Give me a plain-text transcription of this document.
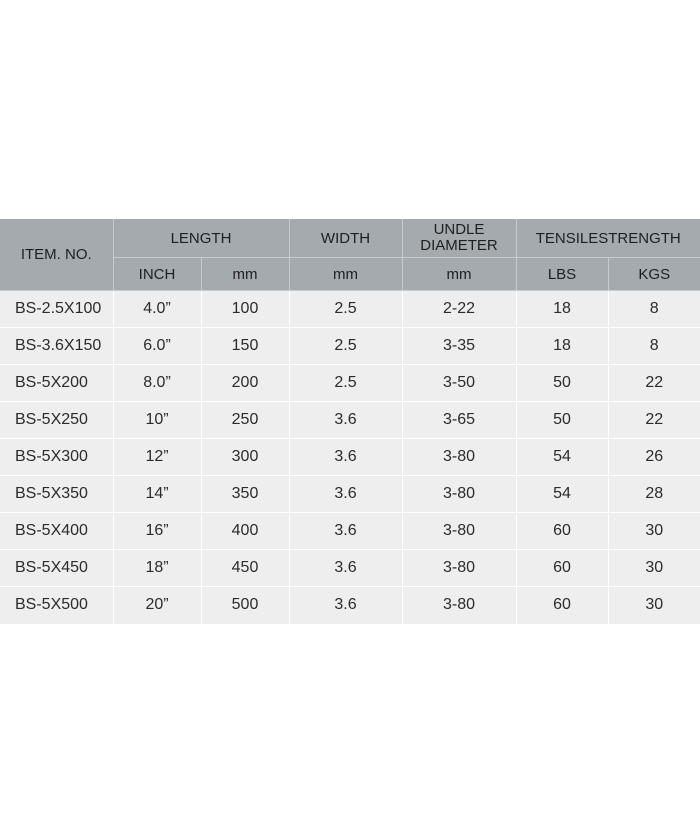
ITEM. NO.	LENGTH		WIDTH	UNDLE
DIAMETER	TENSILESTRENGTH	
	INCH	mm	mm	mm	LBS	KGS
BS-2.5X100	4.0”	100	2.5	2-22	18	8
BS-3.6X150	6.0”	150	2.5	3-35	18	8
BS-5X200	8.0”	200	2.5	3-50	50	22
BS-5X250	10”	250	3.6	3-65	50	22
BS-5X300	12”	300	3.6	3-80	54	26
BS-5X350	14”	350	3.6	3-80	54	28
BS-5X400	16”	400	3.6	3-80	60	30
BS-5X450	18”	450	3.6	3-80	60	30
BS-5X500	20”	500	3.6	3-80	60	30
